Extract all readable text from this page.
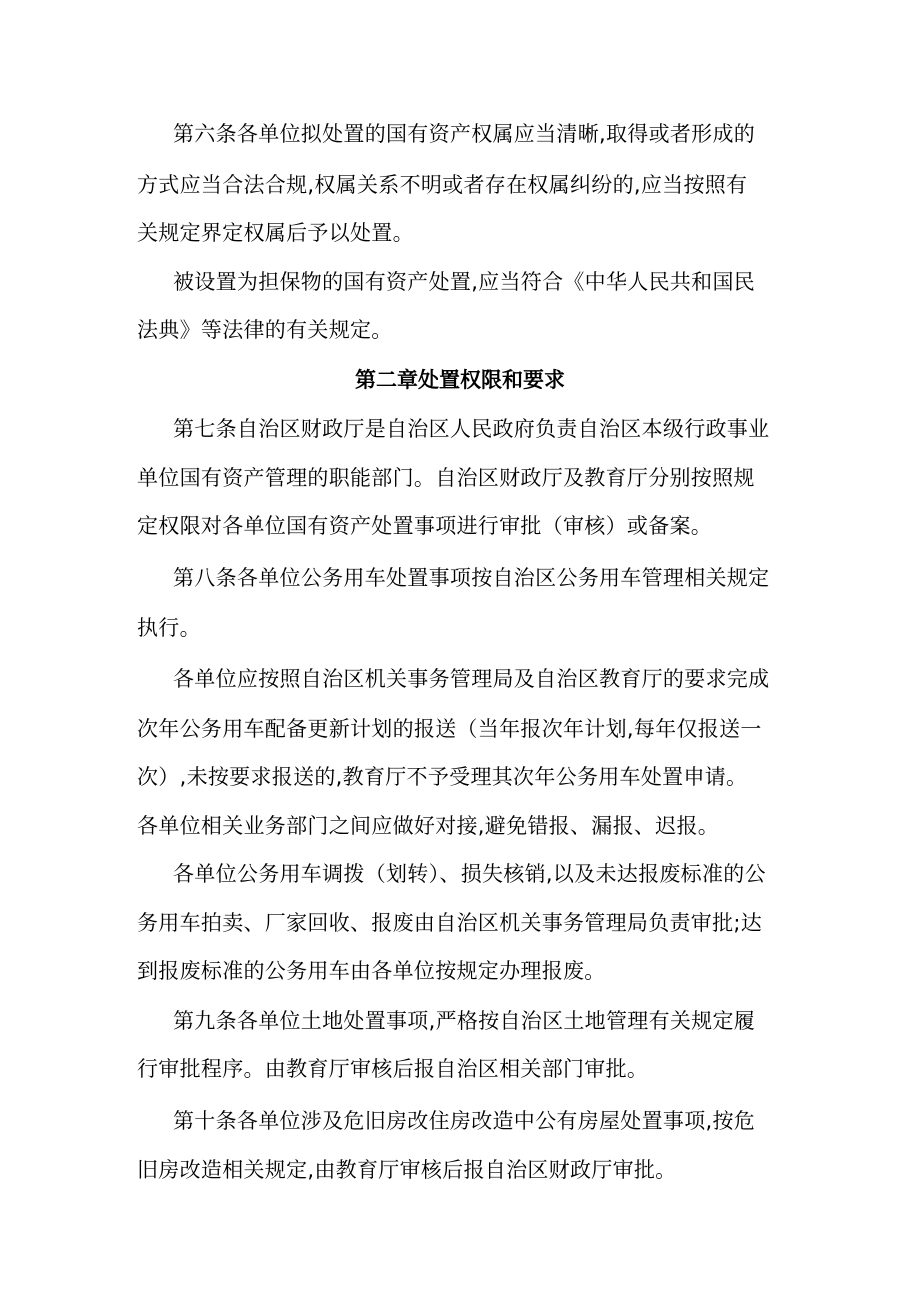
第六条各单位拟处置的国有资产权属应当清晰,取得或者形成的
方式应当合法合规,权属关系不明或者存在权属纠纷的,应当按照有
关规定界定权属后予以处置。
被设置为担保物的国有资产处置,应当符合《中华人民共和国民
法典》等法律的有关规定。
第二章处置权限和要求
第七条自治区财政厅是自治区人民政府负责自治区本级行政事业
单位国有资产管理的职能部门。自治区财政厅及教育厅分别按照规
定权限对各单位国有资产处置事项进行审批（审核）或备案。
第八条各单位公务用车处置事项按自治区公务用车管理相关规定
执行。
各单位应按照自治区机关事务管理局及自治区教育厅的要求完成
次年公务用车配备更新计划的报送（当年报次年计划,每年仅报送一
次）,未按要求报送的,教育厅不予受理其次年公务用车处置申请。
各单位相关业务部门之间应做好对接,避免错报、漏报、迟报。
各单位公务用车调拨（划转）、损失核销,以及未达报废标准的公
务用车拍卖、厂家回收、报废由自治区机关事务管理局负责审批;达
到报废标准的公务用车由各单位按规定办理报废。
第九条各单位土地处置事项,严格按自治区土地管理有关规定履
行审批程序。由教育厅审核后报自治区相关部门审批。
第十条各单位涉及危旧房改住房改造中公有房屋处置事项,按危
旧房改造相关规定,由教育厅审核后报自治区财政厅审批。
